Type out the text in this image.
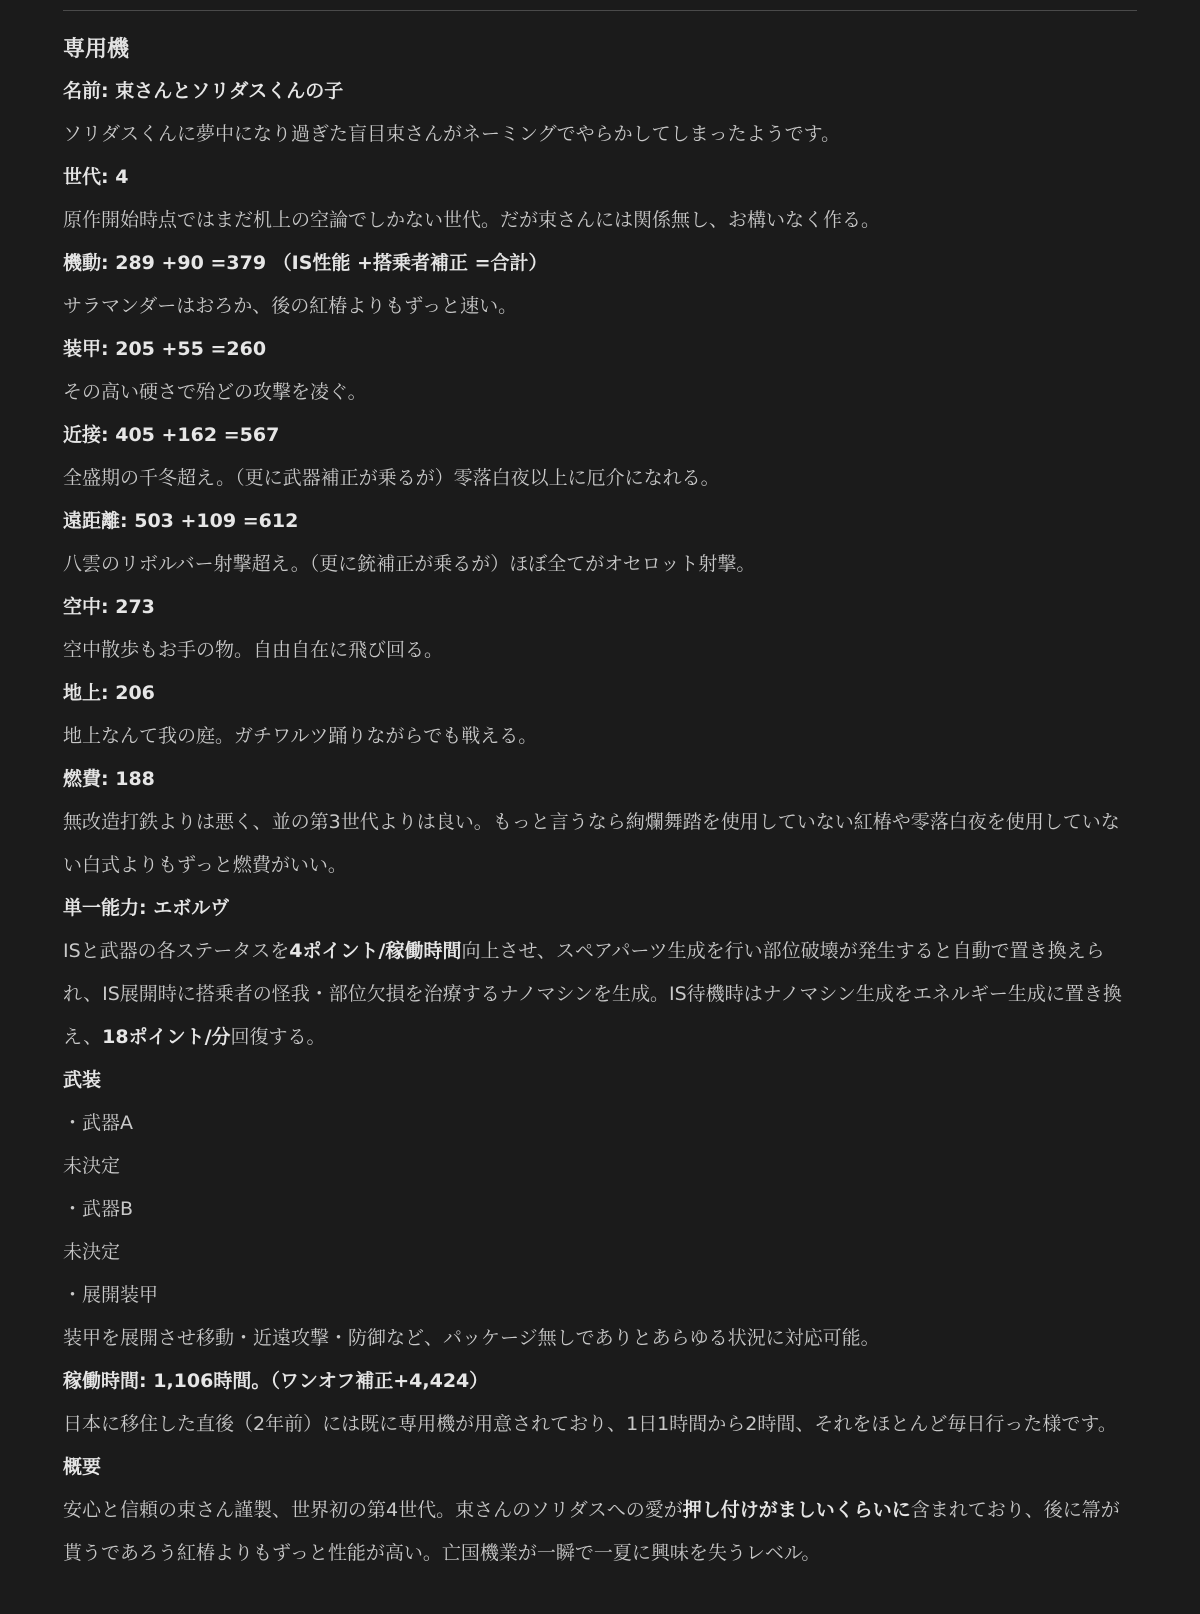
専用機

名前: 束さんとソリダスくんの子

ソリダスくんに夢中になり過ぎた盲目束さんがネーミングでやらかしてしまったようです。

世代: 4

原作開始時点ではまだ机上の空論でしかない世代。だが束さんには関係無し、お構いなく作る。

機動: 289 +90 =379 （IS性能 +搭乗者補正 =合計）

サラマンダーはおろか、後の紅椿よりもずっと速い。

装甲: 205 +55 =260

その高い硬さで殆どの攻撃を凌ぐ。

近接: 405 +162 =567

全盛期の千冬超え。（更に武器補正が乗るが）零落白夜以上に厄介になれる。

遠距離: 503 +109 =612

八雲のリボルバー射撃超え。（更に銃補正が乗るが）ほぼ全てがオセロット射撃。

空中: 273

空中散歩もお手の物。自由自在に飛び回る。

地上: 206

地上なんて我の庭。ガチワルツ踊りながらでも戦える。

燃費: 188

無改造打鉄よりは悪く、並の第3世代よりは良い。もっと言うなら絢爛舞踏を使用していない紅椿や零落白夜を使用していない白式よりもずっと燃費がいい。

単一能力: エボルヴ

ISと武器の各ステータスを4ポイント/稼働時間向上させ、スペアパーツ生成を行い部位破壊が発生すると自動で置き換えられ、IS展開時に搭乗者の怪我・部位欠損を治療するナノマシンを生成。IS待機時はナノマシン生成をエネルギー生成に置き換え、18ポイント/分回復する。

武装

・武器A

未決定

・武器B

未決定

・展開装甲

装甲を展開させ移動・近遠攻撃・防御など、パッケージ無しでありとあらゆる状況に対応可能。

稼働時間: 1,106時間。（ワンオフ補正+4,424）

日本に移住した直後（2年前）には既に専用機が用意されており、1日1時間から2時間、それをほとんど毎日行った様です。

概要

安心と信頼の束さん謹製、世界初の第4世代。束さんのソリダスへの愛が押し付けがましいくらいに含まれており、後に箒が貰うであろう紅椿よりもずっと性能が高い。亡国機業が一瞬で一夏に興味を失うレベル。
